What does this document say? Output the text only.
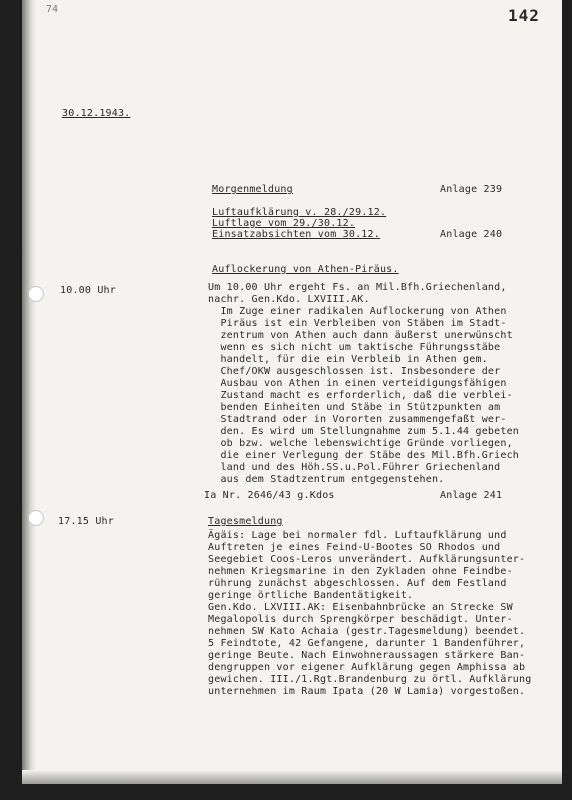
74	142
30.12.1943.
Morgenmeldung	Anlage 239
Luftaufklärung v. 28./29.12.
Luftlage vom 29./30.12.
Einsatzabsichten vom 30.12.	Anlage 240
Auflockerung von Athen-Piräus.
10.00 Uhr	Um 10.00 Uhr ergeht Fs. an Mil.Bfh.Griechenland,
nachr. Gen.Kdo. LXVIII.AK.
Im Zuge einer radikalen Auflockerung von Athen
Piräus ist ein Verbleiben von Stäben im Stadt-
zentrum von Athen auch dann äußerst unerwünscht
wenn es sich nicht um taktische Führungsstäbe
handelt, für die ein Verbleib in Athen gem.
Chef/OKW ausgeschlossen ist. Insbesondere der
Ausbau von Athen in einen verteidigungsfähigen
Zustand macht es erforderlich, daß die verblei-
benden Einheiten und Stäbe in Stützpunkten am
Stadtrand oder in Vororten zusammengefaßt wer-
den. Es wird um Stellungnahme zum 5.1.44 gebeten
ob bzw. welche lebenswichtige Gründe vorliegen,
die einer Verlegung der Stäbe des Mil.Bfh.Griech
land und des Höh.SS.u.Pol.Führer Griechenland
aus dem Stadtzentrum entgegenstehen.
Ia Nr. 2646/43 g.Kdos	Anlage 241
17.15 Uhr	Tagesmeldung
Ägäis: Lage bei normaler fdl. Luftaufklärung und
Auftreten je eines Feind-U-Bootes SO Rhodos und
Seegebiet Coos-Leros unverändert. Aufklärungsunter-
nehmen Kriegsmarine in den Zykladen ohne Feindbe-
rührung zunächst abgeschlossen. Auf dem Festland
geringe örtliche Bandentätigkeit.
Gen.Kdo. LXVIII.AK: Eisenbahnbrücke an Strecke SW
Megalopolis durch Sprengkörper beschädigt. Unter-
nehmen SW Kato Achaia (gestr.Tagesmeldung) beendet.
5 Feindtote, 42 Gefangene, darunter 1 Bandenführer,
geringe Beute. Nach Einwohneraussagen stärkere Ban-
dengruppen vor eigener Aufklärung gegen Amphissa ab
gewichen. III./1.Rgt.Brandenburg zu örtl. Aufklärung
unternehmen im Raum Ipata (20 W Lamia) vorgestoßen.
